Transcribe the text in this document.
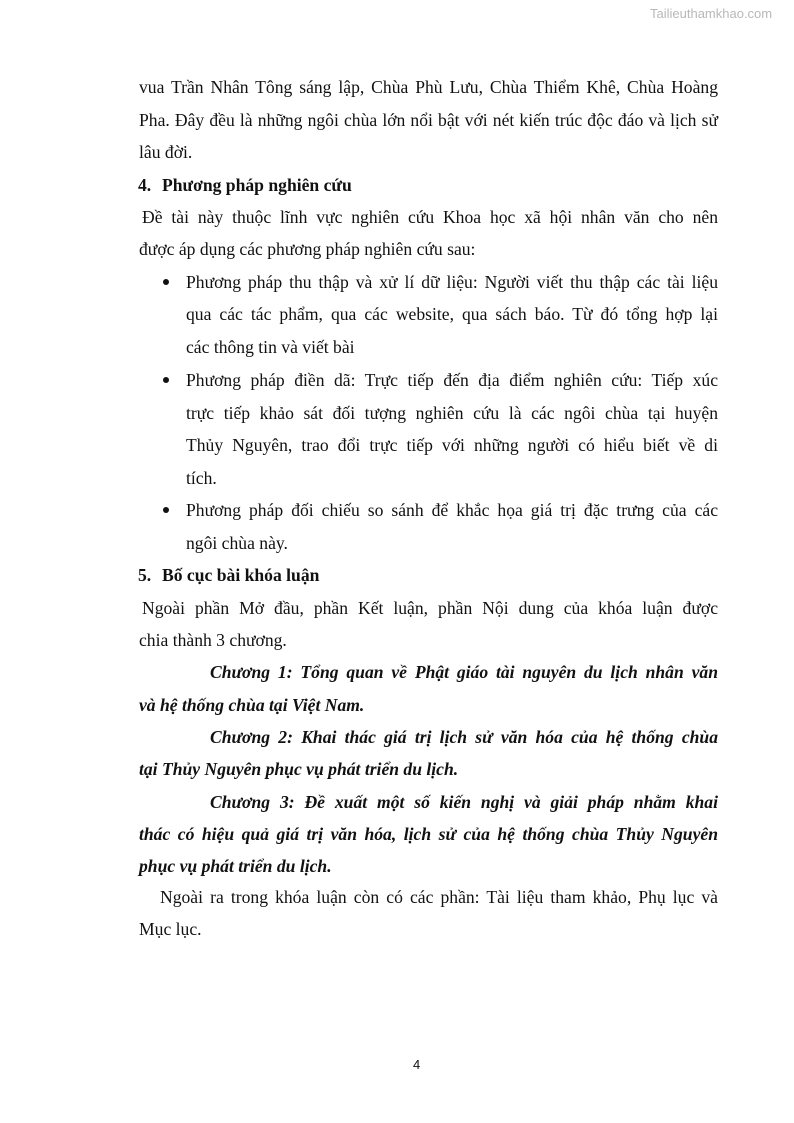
Tailieuthamkhao.com
vua Trần Nhân Tông sáng lập, Chùa Phù Lưu, Chùa Thiểm Khê, Chùa Hoàng
Pha. Đây đều là những ngôi chùa lớn nổi bật với nét kiến trúc độc đáo và lịch sử
lâu đời.
4. Phương pháp nghiên cứu
Đề tài này thuộc lĩnh vực nghiên cứu Khoa học xã hội nhân văn cho nên
được áp dụng các phương pháp nghiên cứu sau:
Phương pháp thu thập và xử lí dữ liệu: Người viết thu thập các tài liệu
qua các tác phẩm, qua các website, qua sách báo. Từ đó tổng hợp lại
các thông tin và viết bài
Phương pháp điền dã: Trực tiếp đến địa điểm nghiên cứu: Tiếp xúc
trực tiếp khảo sát đối tượng nghiên cứu là các ngôi chùa tại huyện
Thủy Nguyên, trao đổi trực tiếp với những người có hiểu biết về di
tích.
Phương pháp đối chiếu so sánh để khắc họa giá trị đặc trưng của các
ngôi chùa này.
5. Bố cục bài khóa luận
Ngoài phần Mở đầu, phần Kết luận, phần Nội dung của khóa luận được
chia thành 3 chương.
Chương 1: Tổng quan về Phật giáo tài nguyên du lịch nhân văn
và hệ thống chùa tại Việt Nam.
Chương 2: Khai thác giá trị lịch sử văn hóa của hệ thống chùa
tại Thủy Nguyên phục vụ phát triển du lịch.
Chương 3: Đề xuất một số kiến nghị và giải pháp nhằm khai
thác có hiệu quả giá trị văn hóa, lịch sử của hệ thống chùa Thủy Nguyên
phục vụ phát triển du lịch.
Ngoài ra trong khóa luận còn có các phần: Tài liệu tham khảo, Phụ lục và
Mục lục.
4
